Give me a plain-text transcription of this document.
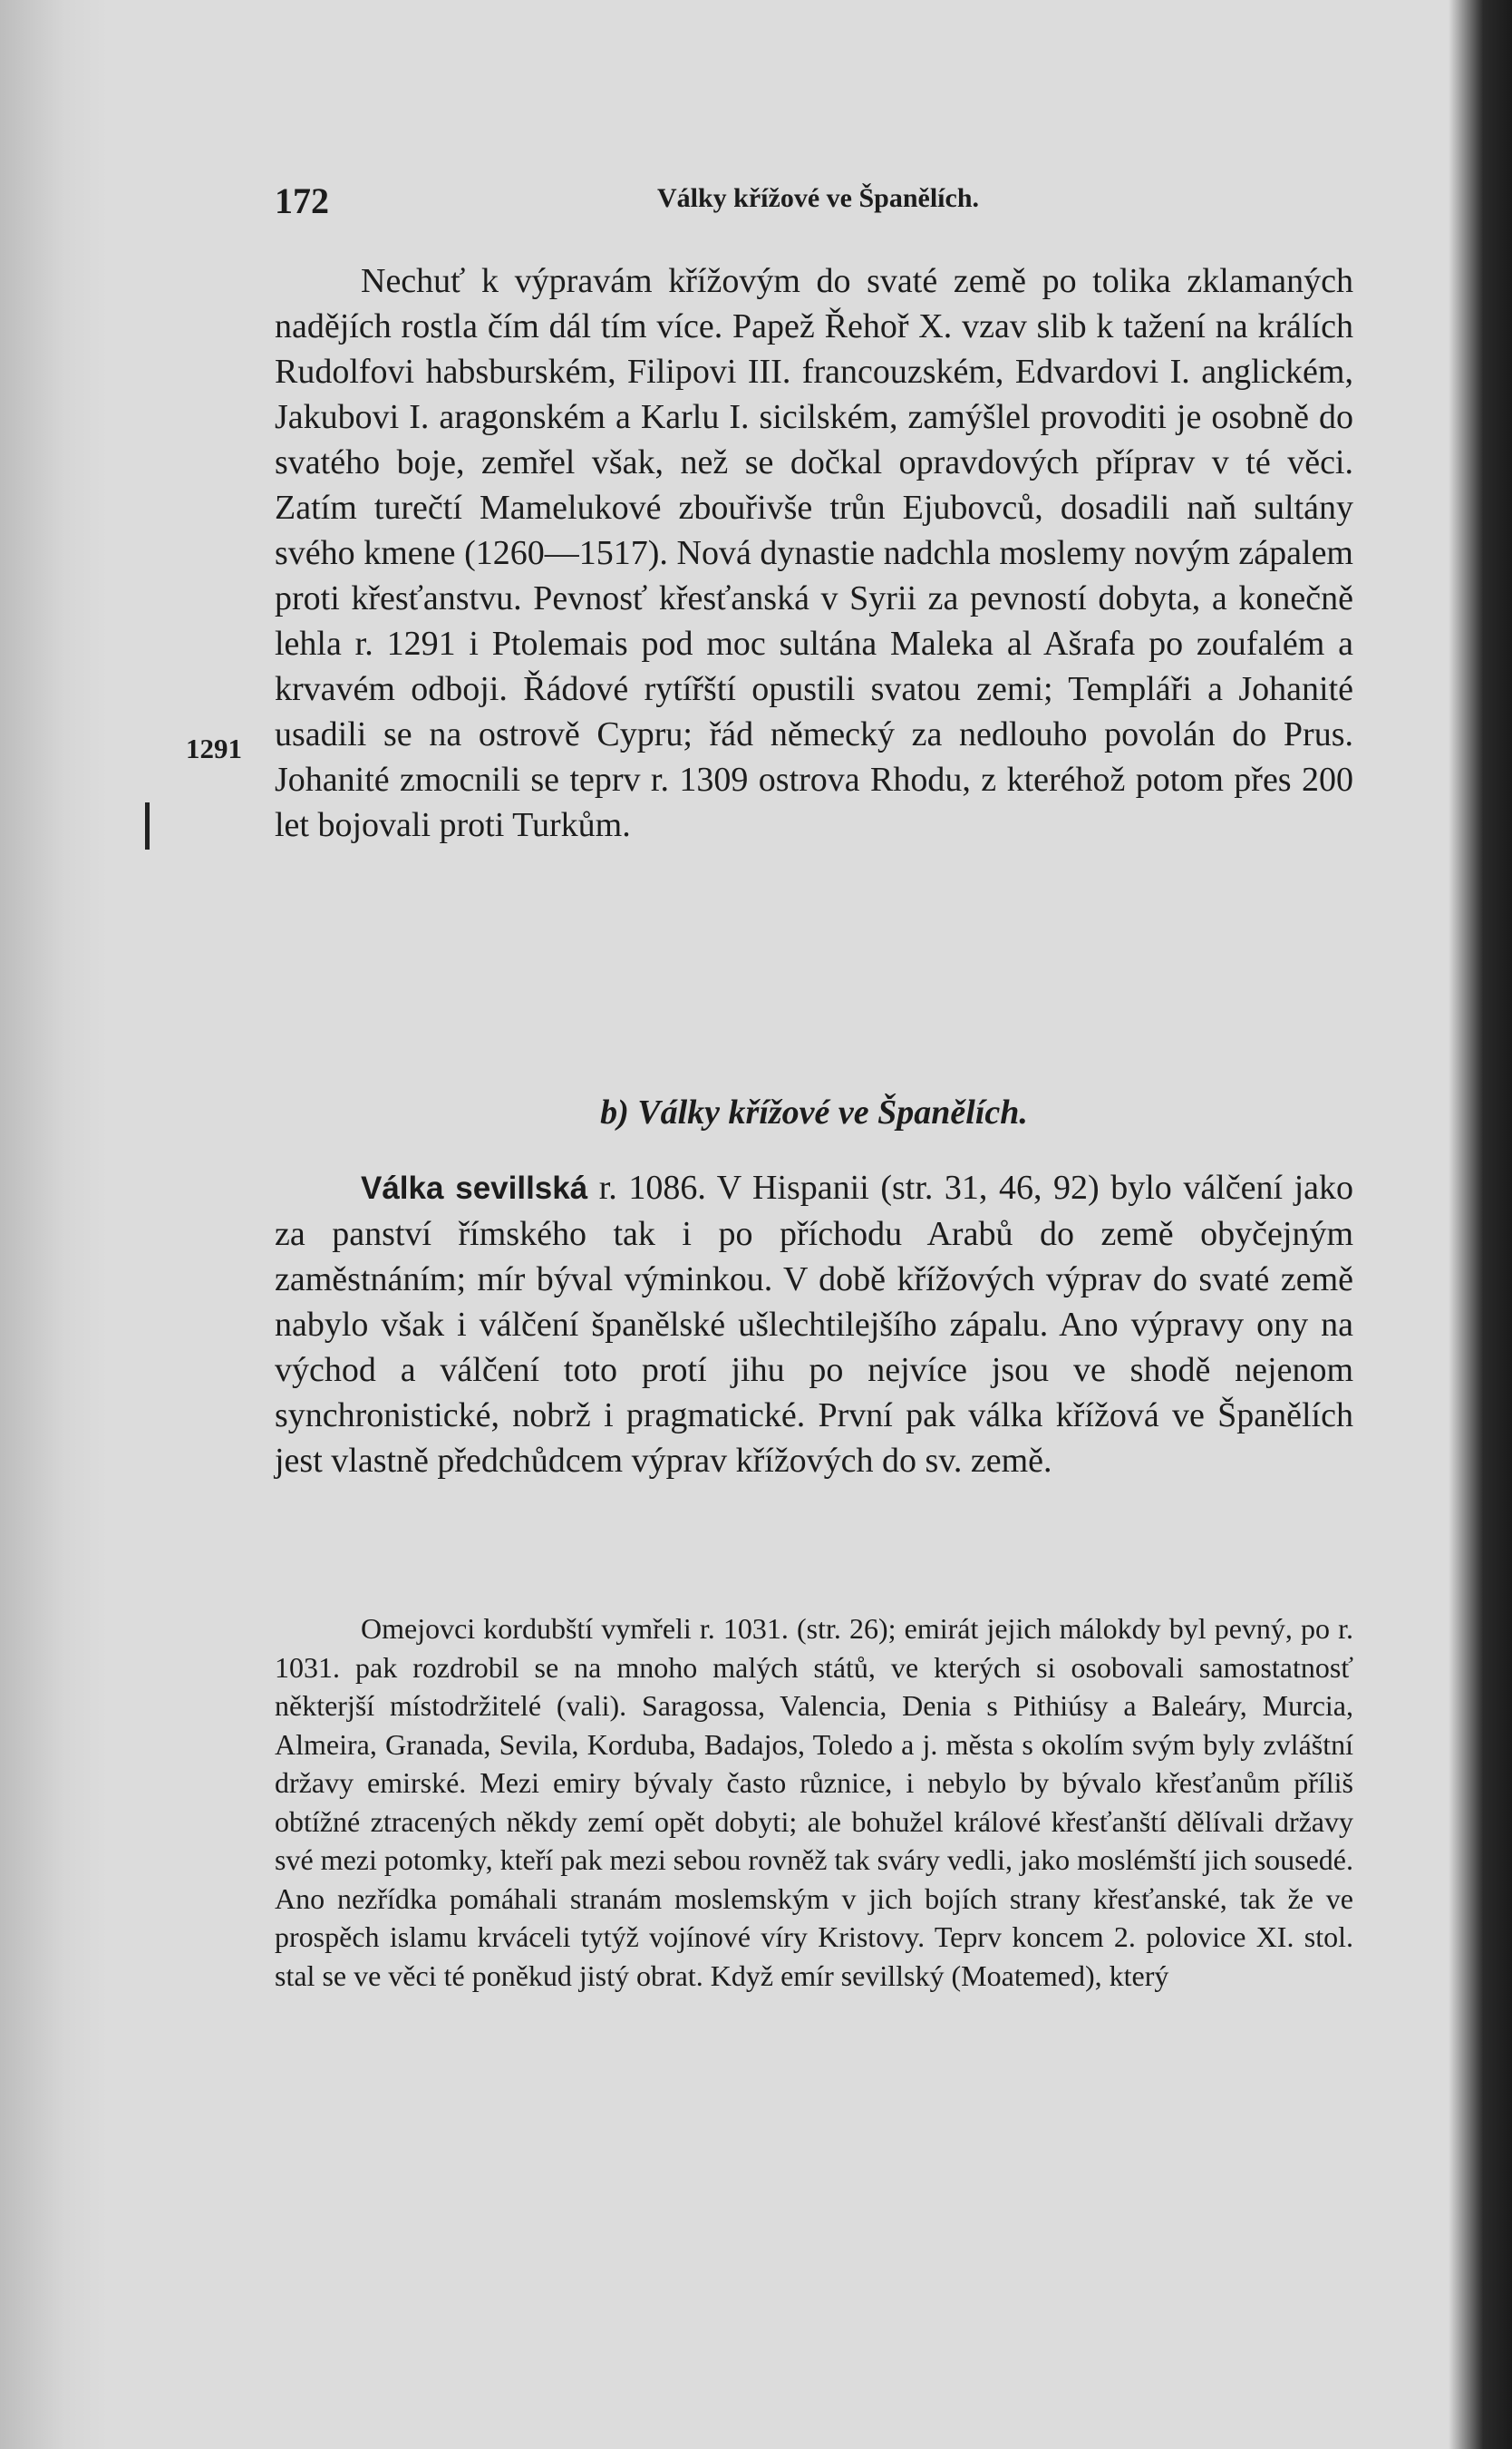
172	Války křížové ve Španělích.
1291

Nechuť k výpravám křížovým do svaté země po tolika zklamaných nadějích rostla čím dál tím více. Papež Řehoř X. vzav slib k tažení na králích Rudolfovi habsburském, Filipovi III. francouzském, Edvardovi I. anglickém, Jakubovi I. aragonském a Karlu I. sicilském, zamýšlel provoditi je osobně do svatého boje, zemřel však, než se dočkal opravdových příprav v té věci. Zatím turečtí Mamelukové zbouřivše trůn Ejubovců, dosadili naň sultány svého kmene (1260—1517). Nová dynastie nadchla moslemy novým zápalem proti křesťanstvu. Pevnosť křesťanská v Syrii za pevností dobyta, a konečně lehla r. 1291 i Ptolemais pod moc sultána Maleka al Ašrafa po zoufalém a krvavém odboji. Řádové rytířští opustili svatou zemi; Templáři a Johanité usadili se na ostrově Cypru; řád německý za nedlouho povolán do Prus. Johanité zmocnili se teprv r. 1309 ostrova Rhodu, z kteréhož potom přes 200 let bojovali proti Turkům.

b) Války křížové ve Španělích.

Válka sevillská r. 1086. V Hispanii (str. 31, 46, 92) bylo válčení jako za panství římského tak i po příchodu Arabů do země obyčejným zaměstnáním; mír býval výminkou. V době křížových výprav do svaté země nabylo však i válčení španělské ušlechtilejšího zápalu. Ano výpravy ony na východ a válčení toto protí jihu po nejvíce jsou ve shodě nejenom synchronistické, nobrž i pragmatické. První pak válka křížová ve Španělích jest vlastně předchůdcem výprav křížových do sv. země.

Omejovci kordubští vymřeli r. 1031. (str. 26); emirát jejich málokdy byl pevný, po r. 1031. pak rozdrobil se na mnoho malých států, ve kterých si osobovali samostatnosť některjší místodržitelé (vali). Saragossa, Valencia, Denia s Pithiúsy a Baleáry, Murcia, Almeira, Granada, Sevila, Korduba, Badajos, Toledo a j. města s okolím svým byly zvláštní državy emirské. Mezi emiry bývaly často různice, i nebylo by bývalo křesťanům příliš obtížné ztracených někdy zemí opět dobyti; ale bohužel králové křesťanští dělívali državy své mezi potomky, kteří pak mezi sebou rovněž tak sváry vedli, jako moslémští jich sousedé. Ano nezřídka pomáhali stranám moslemským v jich bojích strany křesťanské, tak že ve prospěch islamu krváceli tytýž vojínové víry Kristovy. Teprv koncem 2. polovice XI. stol. stal se ve věci té poněkud jistý obrat. Když emír sevillský (Moatemed), který
